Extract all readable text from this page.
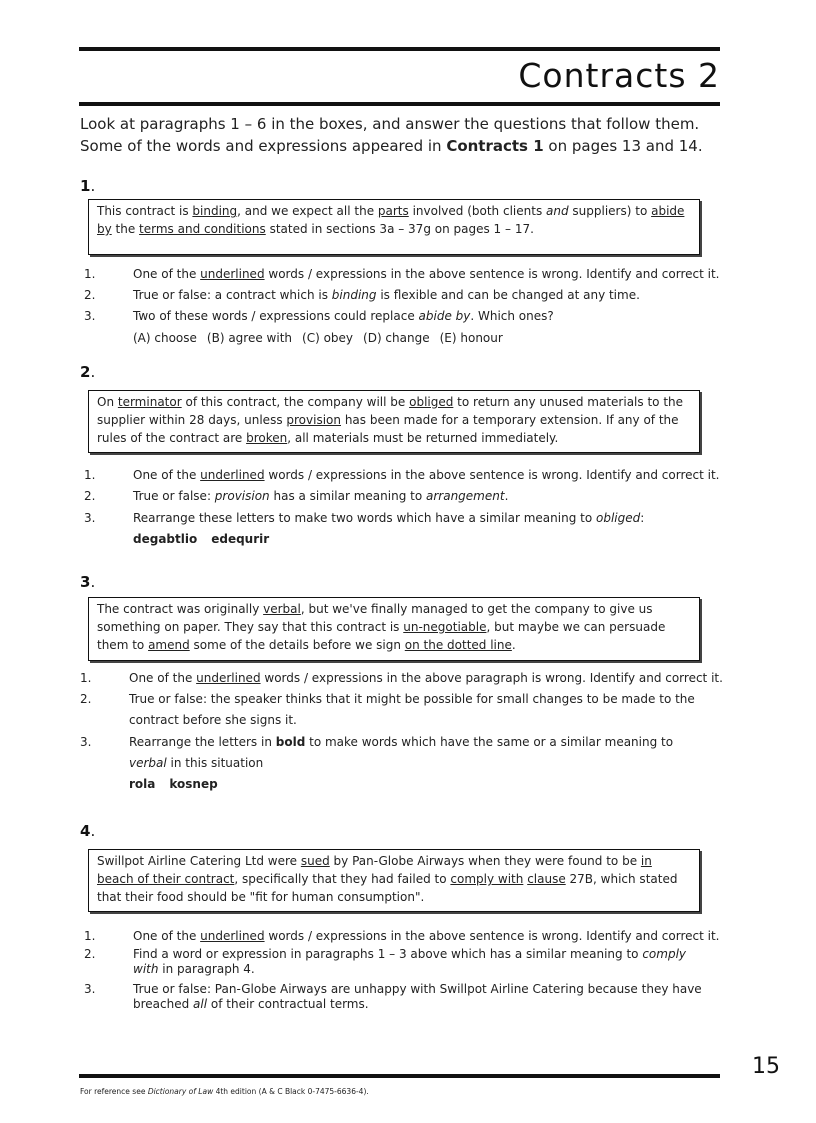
Contracts 2
Look at paragraphs 1 – 6 in the boxes, and answer the questions that follow them. Some of the words and expressions appeared in Contracts 1 on pages 13 and 14.
1.
This contract is binding, and we expect all the parts involved (both clients and suppliers) to abide by the terms and conditions stated in sections 3a – 37g on pages 1 – 17.
1.	One of the underlined words / expressions in the above sentence is wrong. Identify and correct it.
2.	True or false: a contract which is binding is flexible and can be changed at any time.
3.	Two of these words / expressions could replace abide by. Which ones?
(A) choose (B) agree with (C) obey (D) change (E) honour
2.
On terminator of this contract, the company will be obliged to return any unused materials to the supplier within 28 days, unless provision has been made for a temporary extension. If any of the rules of the contract are broken, all materials must be returned immediately.
1.	One of the underlined words / expressions in the above sentence is wrong. Identify and correct it.
2.	True or false: provision has a similar meaning to arrangement.
3.	Rearrange these letters to make two words which have a similar meaning to obliged:
degabtlio edequrir
3.
The contract was originally verbal, but we've finally managed to get the company to give us something on paper. They say that this contract is un-negotiable, but maybe we can persuade them to amend some of the details before we sign on the dotted line.
1.	One of the underlined words / expressions in the above paragraph is wrong. Identify and correct it.
2.	True or false: the speaker thinks that it might be possible for small changes to be made to the contract before she signs it.
3.	Rearrange the letters in bold to make words which have the same or a similar meaning to verbal in this situation
rola kosnep
4.
Swillpot Airline Catering Ltd were sued by Pan-Globe Airways when they were found to be in beach of their contract, specifically that they had failed to comply with clause 27B, which stated that their food should be "fit for human consumption".
1.	One of the underlined words / expressions in the above sentence is wrong. Identify and correct it.
2.	Find a word or expression in paragraphs 1 – 3 above which has a similar meaning to comply with in paragraph 4.
3.	True or false: Pan-Globe Airways are unhappy with Swillpot Airline Catering because they have breached all of their contractual terms.
15
For reference see Dictionary of Law 4th edition (A & C Black 0-7475-6636-4).
